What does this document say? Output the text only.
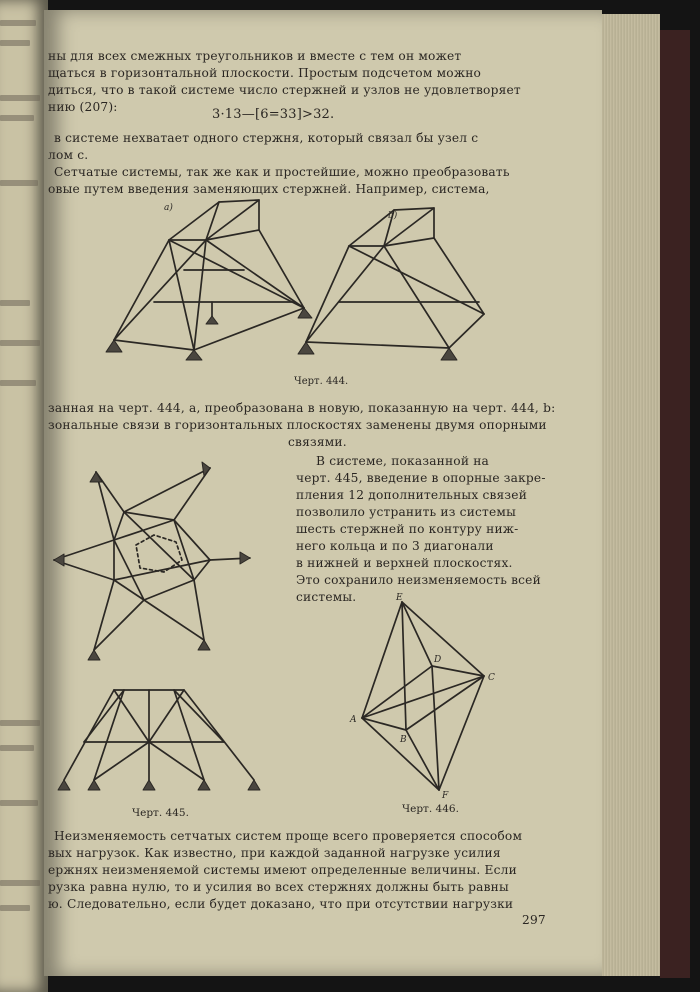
ны для всех смежных треугольников и вместе с тем он может
щаться в горизонтальной плоскости. Простым подсчетом можно
диться, что в такой системе число стержней и узлов не удовлетворяет
нию (207):	3·13—[6=33]>32.
в системе нехватает одного стержня, который связал бы узел c
лом c.
Сетчатые системы, так же как и простейшие, можно преобразовать
овые путем введения заменяющих стержней. Например, система,
a)
b)
Черт. 444.
занная на черт. 444, a, преобразована в новую, показанную на черт. 444, b:
зональные связи в горизонтальных плоскостях заменены двумя опорными
связями.
В системе, показанной на
черт. 445, введение в опорные закре-
пления 12 дополнительных связей
позволило устранить из системы
шесть стержней по контуру ниж-
него кольца и по 3 диагонали
в нижней и верхней плоскостях.
Это сохранило неизменяемость всей
системы.
Черт. 445.
E
C
D
A
B
F
Черт. 446.
Неизменяемость сетчатых систем проще всего проверяется способом
вых нагрузок. Как известно, при каждой заданной нагрузке усилия
ержнях неизменяемой системы имеют определенные величины. Если
рузка равна нулю, то и усилия во всех стержнях должны быть равны
ю. Следовательно, если будет доказано, что при отсутствии нагрузки
297
